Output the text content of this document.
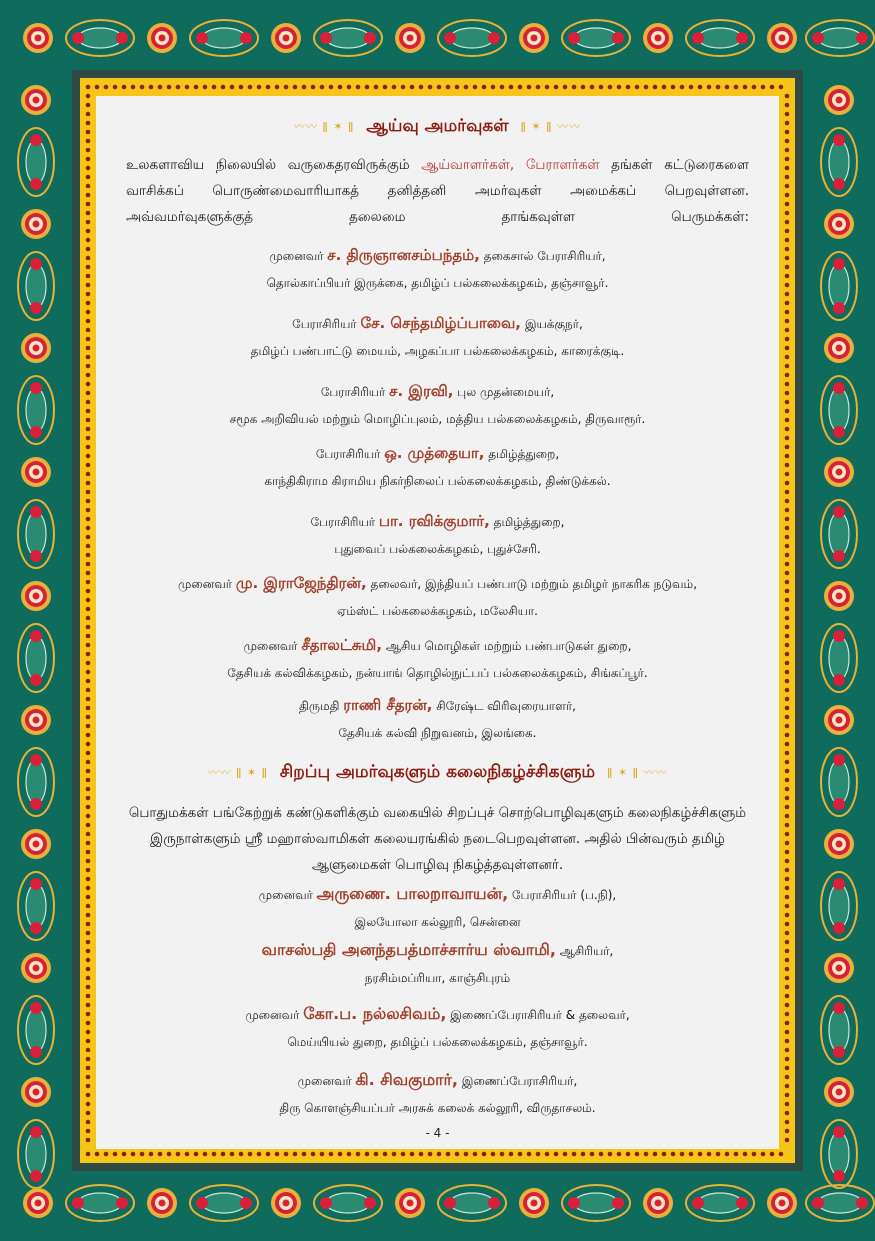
〰〰 ǁ ✶ ǁ ஆய்வு அமர்வுகள் ǁ ✶ ǁ 〰〰
உலகளாவிய நிலையில் வருகைதரவிருக்கும் ஆய்வாளர்கள், பேராளர்கள் தங்கள் கட்டுரைகளை வாசிக்கப் பொருண்மைவாரியாகத் தனித்தனி அமர்வுகள் அமைக்கப் பெறவுள்ளன. அவ்வமர்வுகளுக்குத் தலைமை தாங்கவுள்ள பெருமக்கள்:
முனைவர் ச. திருஞானசம்பந்தம், தகைசால் பேராசிரியர்,
தொல்காப்பியர் இருக்கை, தமிழ்ப் பல்கலைக்கழகம், தஞ்சாவூர்.
பேராசிரியர் சே. செந்தமிழ்ப்பாவை, இயக்குநர்,
தமிழ்ப் பண்பாட்டு மையம், அழகப்பா பல்கலைக்கழகம், காரைக்குடி.
பேராசிரியர் ச. இரவி, புல முதன்மையர்,
சமூக அறிவியல் மற்றும் மொழிப்புலம், மத்திய பல்கலைக்கழகம், திருவாரூர்.
பேராசிரியர் ஒ. முத்தையா, தமிழ்த்துறை,
காந்திகிராம கிராமிய நிகர்நிலைப் பல்கலைக்கழகம், திண்டுக்கல்.
பேராசிரியர் பா. ரவிக்குமார், தமிழ்த்துறை,
புதுவைப் பல்கலைக்கழகம், புதுச்சேரி.
முனைவர் மு. இராஜேந்திரன், தலைவர், இந்தியப் பண்பாடு மற்றும் தமிழர் நாகரிக நடுவம்,
ஏம்ஸ்ட் பல்கலைக்கழகம், மலேசியா.
முனைவர் சீதாலட்சுமி, ஆசிய மொழிகள் மற்றும் பண்பாடுகள் துறை,
தேசியக் கல்விக்கழகம், நன்யாங் தொழில்நுட்பப் பல்கலைக்கழகம், சிங்கப்பூர்.
திருமதி ராணி சீதரன், சிரேஷ்ட விரிவுரையாளர்,
தேசியக் கல்வி நிறுவனம், இலங்கை.
〰〰 ǁ ✶ ǁ சிறப்பு அமர்வுகளும் கலைநிகழ்ச்சிகளும் ǁ ✶ ǁ 〰〰
பொதுமக்கள் பங்கேற்றுக் கண்டுகளிக்கும் வகையில் சிறப்புச் சொற்பொழிவுகளும் கலைநிகழ்ச்சிகளும் இருநாள்களும் ஸ்ரீ மஹாஸ்வாமிகள் கலையரங்கில் நடைபெறவுள்ளன. அதில் பின்வரும் தமிழ் ஆளுமைகள் பொழிவு நிகழ்த்தவுள்ளனர்.
முனைவர் அருணை. பாலறாவாயன், பேராசிரியர் (ப.நி),
இலயோலா கல்லூரி, சென்னை
வாசஸ்பதி அனந்தபத்மாச்சார்ய ஸ்வாமி, ஆசிரியர்,
நரசிம்மப்ரியா, காஞ்சிபுரம்
முனைவர் கோ.ப. நல்லசிவம், இணைப்பேராசிரியர் & தலைவர்,
மெய்யியல் துறை, தமிழ்ப் பல்கலைக்கழகம், தஞ்சாவூர்.
முனைவர் கி. சிவகுமார், இணைப்பேராசிரியர்,
திரு கொளஞ்சியப்பர் அரசுக் கலைக் கல்லூரி, விருதாசலம்.
- 4 -
